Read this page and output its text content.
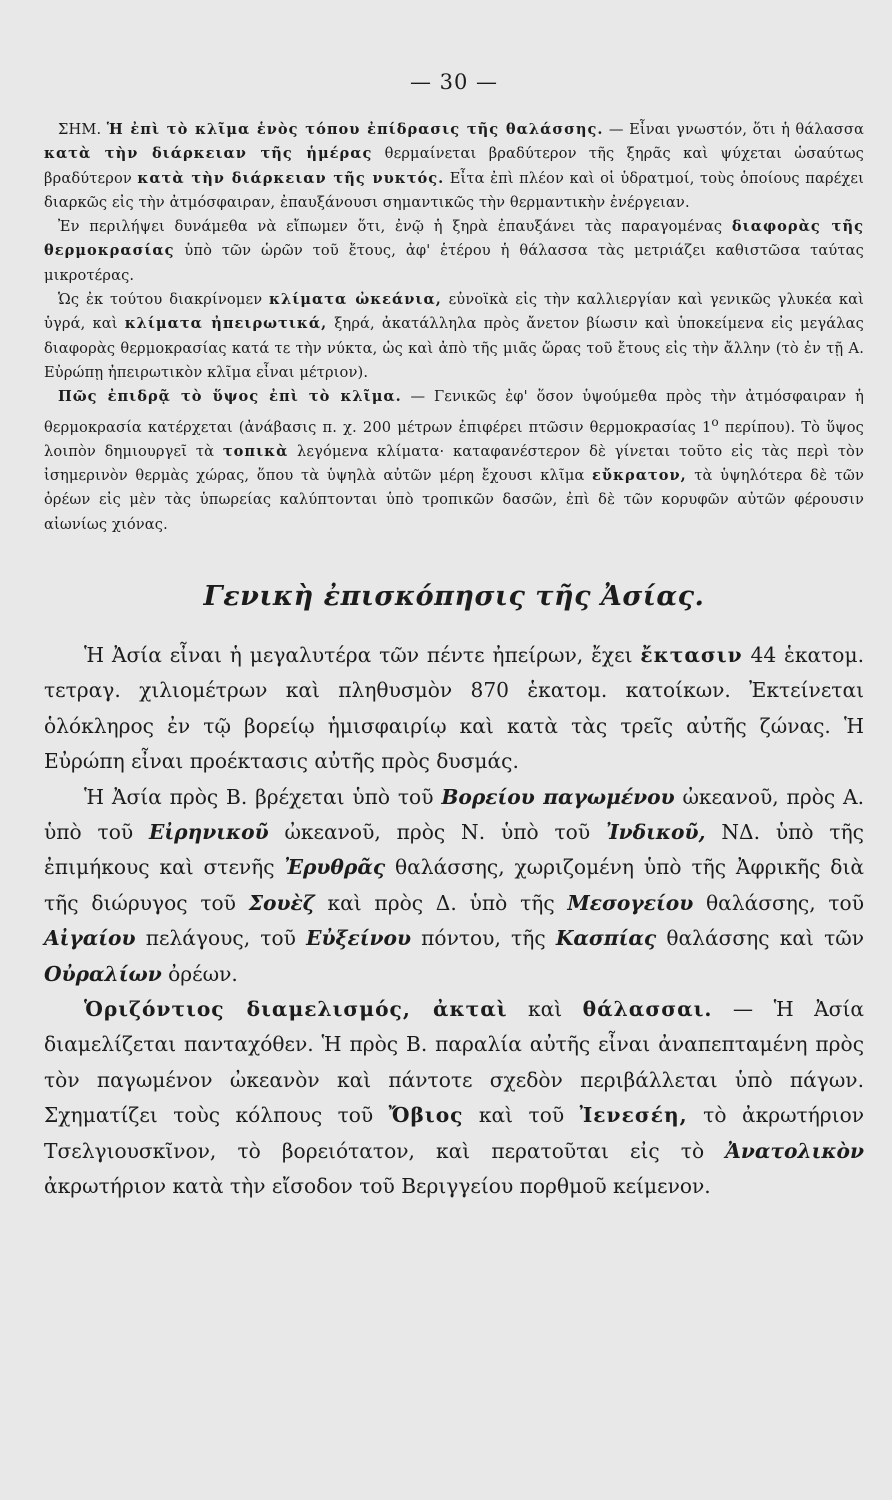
— 30 —

ΣΗΜ. Ἡ ἐπὶ τὸ κλῖμα ἑνὸς τόπου ἐπίδρασις τῆς θαλάσσης. — Εἶναι γνωστόν, ὅτι ἡ θάλασσα κατὰ τὴν διάρκειαν τῆς ἡμέρας θερμαίνεται βραδύτερον τῆς ξηρᾶς καὶ ψύχεται ὡσαύτως βραδύτερον κατὰ τὴν διάρκειαν τῆς νυκτός. Εἶτα ἐπὶ πλέον καὶ οἱ ὑδρατμοί, τοὺς ὁποίους παρέχει διαρκῶς εἰς τὴν ἀτμόσφαιραν, ἐπαυξάνουσι σημαντικῶς τὴν θερμαντικὴν ἐνέργειαν.

Ἐν περιλήψει δυνάμεθα νὰ εἴπωμεν ὅτι, ἐνῷ ἡ ξηρὰ ἐπαυξάνει τὰς παραγομένας διαφορὰς τῆς θερμοκρασίας ὑπὸ τῶν ὡρῶν τοῦ ἔτους, ἀφ' ἑτέρου ἡ θάλασσα τὰς μετριάζει καθιστῶσα ταύτας μικροτέρας.

Ὡς ἐκ τούτου διακρίνομεν κλίματα ὠκεάνια, εὐνοϊκὰ εἰς τὴν καλλιεργίαν καὶ γενικῶς γλυκέα καὶ ὑγρά, καὶ κλίματα ἠπειρωτικά, ξηρά, ἀκατάλληλα πρὸς ἄνετον βίωσιν καὶ ὑποκείμενα εἰς μεγάλας διαφορὰς θερμοκρασίας κατά τε τὴν νύκτα, ὡς καὶ ἀπὸ τῆς μιᾶς ὥρας τοῦ ἔτους εἰς τὴν ἄλλην (τὸ ἐν τῇ Α. Εὐρώπῃ ἠπειρωτικὸν κλῖμα εἶναι μέτριον).

Πῶς ἐπιδρᾷ τὸ ὕψος ἐπὶ τὸ κλῖμα. — Γενικῶς ἐφ' ὅσον ὑψούμεθα πρὸς τὴν ἀτμόσφαιραν ἡ θερμοκρασία κατέρχεται (ἀνάβασις π. χ. 200 μέτρων ἐπιφέρει πτῶσιν θερμοκρασίας $1^o$ περίπου). Τὸ ὕψος λοιπὸν δημιουργεῖ τὰ τοπικὰ λεγόμενα κλίματα· καταφανέστερον δὲ γίνεται τοῦτο εἰς τὰς περὶ τὸν ἰσημερινὸν θερμὰς χώρας, ὅπου τὰ ὑψηλὰ αὐτῶν μέρη ἔχουσι κλῖμα εὔκρατον, τὰ ὑψηλότερα δὲ τῶν ὀρέων εἰς μὲν τὰς ὑπωρείας καλύπτονται ὑπὸ τροπικῶν δασῶν, ἐπὶ δὲ τῶν κορυφῶν αὐτῶν φέρουσιν αἰωνίως χιόνας.

Γενικὴ ἐπισκόπησις τῆς Ἀσίας.

Ἡ Ἀσία εἶναι ἡ μεγαλυτέρα τῶν πέντε ἠπείρων, ἔχει ἔκτασιν 44 ἑκατομ. τετραγ. χιλιομέτρων καὶ πληθυσμὸν 870 ἑκατομ. κατοίκων. Ἐκτείνεται ὁλόκληρος ἐν τῷ βορείῳ ἡμισφαιρίῳ καὶ κατὰ τὰς τρεῖς αὐτῆς ζώνας. Ἡ Εὐρώπη εἶναι προέκτασις αὐτῆς πρὸς δυσμάς.

Ἡ Ἀσία πρὸς Β. βρέχεται ὑπὸ τοῦ Βορείου παγωμένου ὠκεανοῦ, πρὸς Α. ὑπὸ τοῦ Εἰρηνικοῦ ὠκεανοῦ, πρὸς Ν. ὑπὸ τοῦ Ἰνδικοῦ, ΝΔ. ὑπὸ τῆς ἐπιμήκους καὶ στενῆς Ἐρυθρᾶς θαλάσσης, χωριζομένη ὑπὸ τῆς Ἀφρικῆς διὰ τῆς διώρυγος τοῦ Σουὲζ καὶ πρὸς Δ. ὑπὸ τῆς Μεσογείου θαλάσσης, τοῦ Αἰγαίου πελάγους, τοῦ Εὐξείνου πόντου, τῆς Κασπίας θαλάσσης καὶ τῶν Οὐραλίων ὀρέων.

Ὁριζόντιος διαμελισμός, ἀκταὶ καὶ θάλασσαι. — Ἡ Ἀσία διαμελίζεται πανταχόθεν. Ἡ πρὸς Β. παραλία αὐτῆς εἶναι ἀναπεπταμένη πρὸς τὸν παγωμένον ὠκεανὸν καὶ πάντοτε σχεδὸν περιβάλλεται ὑπὸ πάγων. Σχηματίζει τοὺς κόλπους τοῦ Ὄβιος καὶ τοῦ Ἰενεσέη, τὸ ἀκρωτήριον Τσελγιουσκῖνον, τὸ βορειότατον, καὶ περατοῦται εἰς τὸ Ἀνατολικὸν ἀκρωτήριον κατὰ τὴν εἴσοδον τοῦ Βεριγγείου πορθμοῦ κείμενον.
